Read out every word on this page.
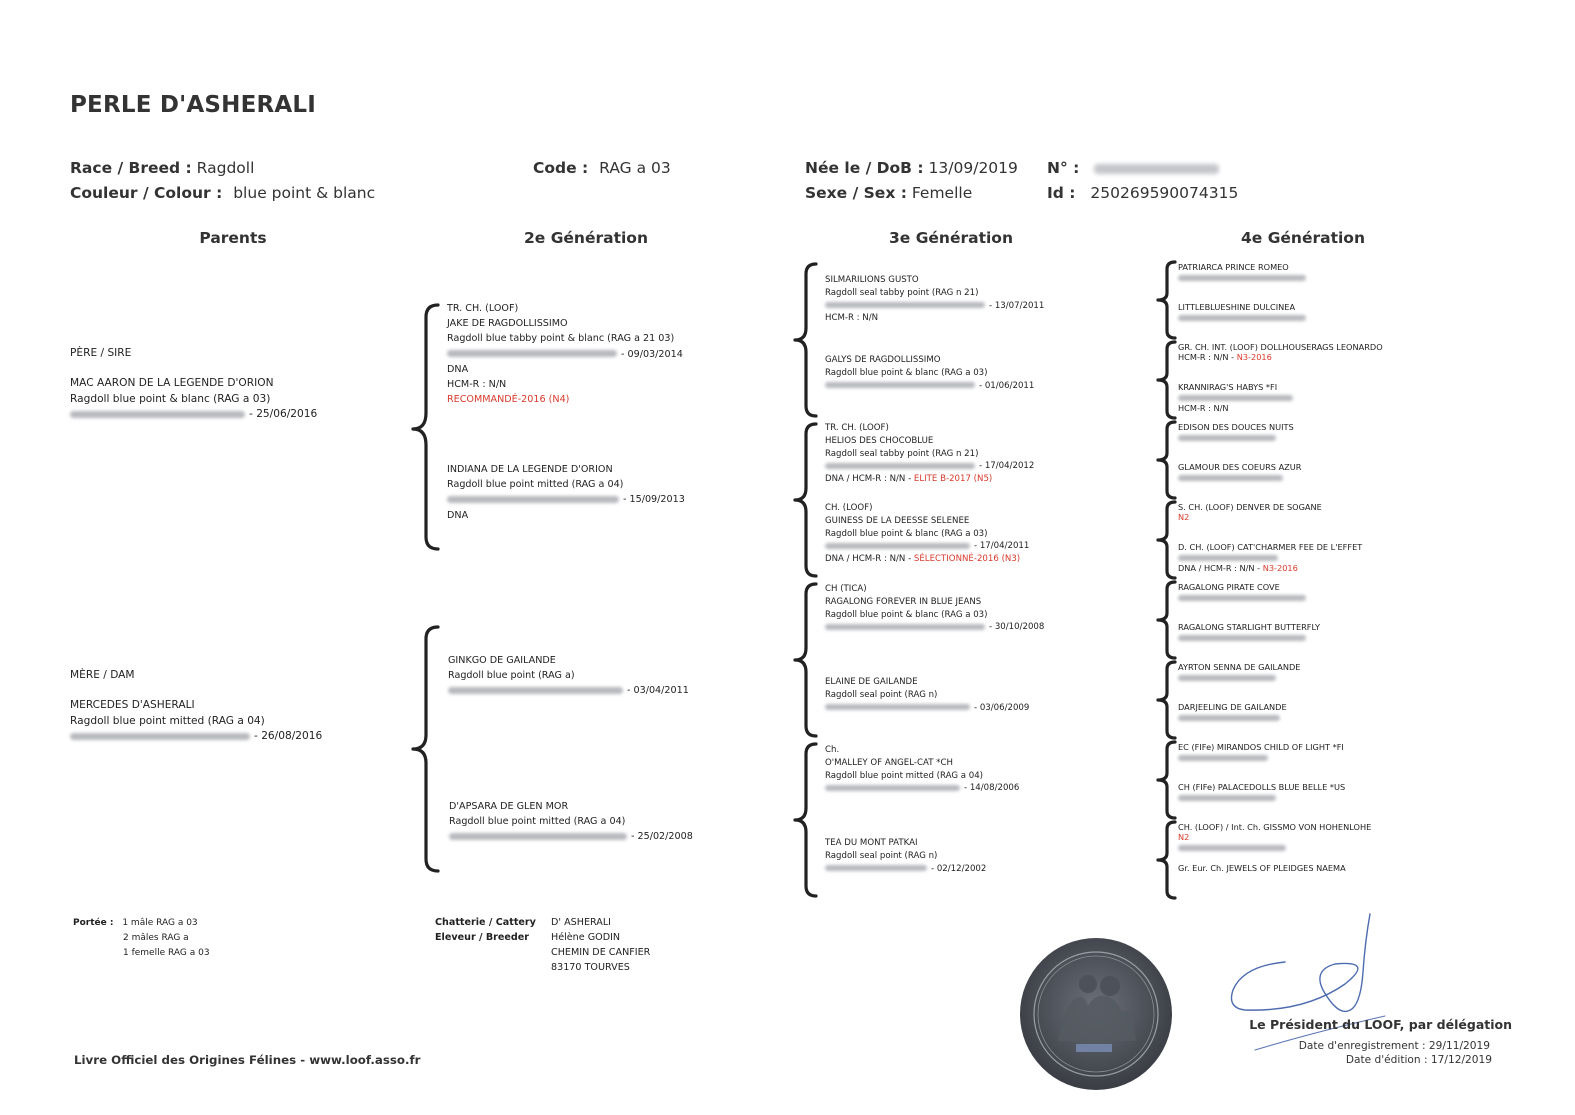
PERLE D'ASHERALI
Race / Breed : Ragdoll
Couleur / Colour : blue point & blanc
Code : RAG a 03	Née le / DoB : 13/09/2019
Sexe / Sex : Femelle
N° :
Id : 250269590074315
Parents	2e Génération	3e Génération	4e Génération
PÈRE / SIRE
MAC AARON DE LA LEGENDE D'ORION
Ragdoll blue point & blanc (RAG a 03)
- 25/06/2016
MÈRE / DAM
MERCEDES D'ASHERALI
Ragdoll blue point mitted (RAG a 04)
- 26/08/2016
TR. CH. (LOOF)
JAKE DE RAGDOLLISSIMO
Ragdoll blue tabby point & blanc (RAG a 21 03)
- 09/03/2014
DNA
HCM-R : N/N
RECOMMANDÉ-2016 (N4)
INDIANA DE LA LEGENDE D'ORION
Ragdoll blue point mitted (RAG a 04)
- 15/09/2013
DNA
GINKGO DE GAILANDE
Ragdoll blue point (RAG a)
- 03/04/2011
D'APSARA DE GLEN MOR
Ragdoll blue point mitted (RAG a 04)
- 25/02/2008
SILMARILIONS GUSTO
Ragdoll seal tabby point (RAG n 21)
- 13/07/2011
HCM-R : N/N
GALYS DE RAGDOLLISSIMO
Ragdoll blue point & blanc (RAG a 03)
- 01/06/2011
TR. CH. (LOOF)
HELIOS DES CHOCOBLUE
Ragdoll seal tabby point (RAG n 21)
- 17/04/2012
DNA / HCM-R : N/N - ELITE B-2017 (N5)
CH. (LOOF)
GUINESS DE LA DEESSE SELENEE
Ragdoll blue point & blanc (RAG a 03)
- 17/04/2011
DNA / HCM-R : N/N - SÉLECTIONNÉ-2016 (N3)
CH (TICA)
RAGALONG FOREVER IN BLUE JEANS
Ragdoll blue point & blanc (RAG a 03)
- 30/10/2008
ELAINE DE GAILANDE
Ragdoll seal point (RAG n)
- 03/06/2009
Ch.
O'MALLEY OF ANGEL-CAT *CH
Ragdoll blue point mitted (RAG a 04)
- 14/08/2006
TEA DU MONT PATKAI
Ragdoll seal point (RAG n)
- 02/12/2002
PATRIARCA PRINCE ROMEO
LITTLEBLUESHINE DULCINEA
GR. CH. INT. (LOOF) DOLLHOUSERAGS LEONARDO
HCM-R : N/N - N3-2016
KRANNIRAG'S HABYS *FI
HCM-R : N/N
EDISON DES DOUCES NUITS
GLAMOUR DES COEURS AZUR
S. CH. (LOOF) DENVER DE SOGANE
N2
D. CH. (LOOF) CAT'CHARMER FEE DE L'EFFET
DNA / HCM-R : N/N - N3-2016
RAGALONG PIRATE COVE
RAGALONG STARLIGHT BUTTERFLY
AYRTON SENNA DE GAILANDE
DARJEELING DE GAILANDE
EC (FIFe) MIRANDOS CHILD OF LIGHT *FI
CH (FIFe) PALACEDOLLS BLUE BELLE *US
CH. (LOOF) / Int. Ch. GISSMO VON HOHENLOHE
N2
Gr. Eur. Ch. JEWELS OF PLEIDGES NAEMA
Portée : 1 mâle RAG a 03
2 mâles RAG a
1 femelle RAG a 03
Chatterie / Cattery
Eleveur / Breeder
D' ASHERALI
Hélène GODIN
CHEMIN DE CANFIER
83170 TOURVES
Livre Officiel des Origines Félines - www.loof.asso.fr
Le Président du LOOF, par délégation
Date d'enregistrement : 29/11/2019
Date d'édition : 17/12/2019
